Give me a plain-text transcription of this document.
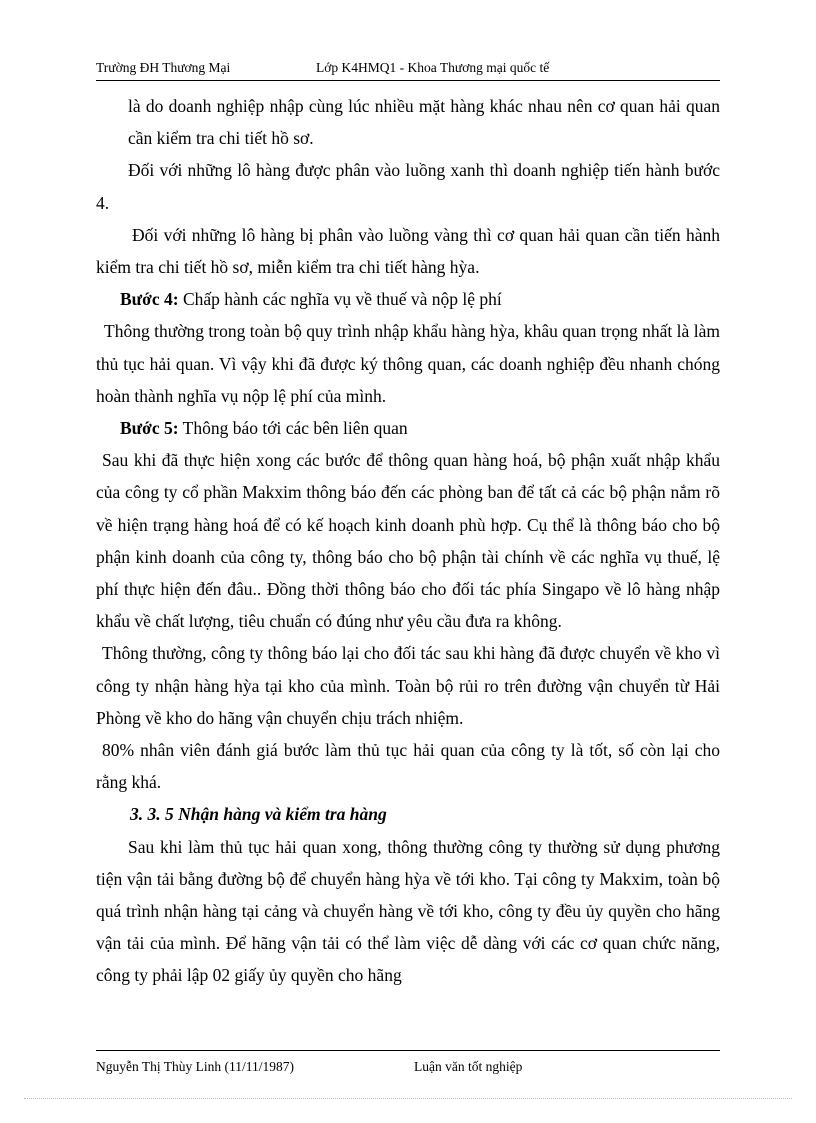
Trường ĐH Thương Mại	Lớp K4HMQ1 - Khoa Thương mại quốc tế

là do doanh nghiệp nhập cùng lúc nhiều mặt hàng khác nhau nên cơ quan hải quan cần kiểm tra chi tiết hồ sơ.

Đối với những lô hàng được phân vào luồng xanh thì doanh nghiệp tiến hành bước 4.

Đối với những lô hàng bị phân vào luồng vàng thì cơ quan hải quan cần tiến hành kiểm tra chi tiết hồ sơ, miễn kiểm tra chi tiết hàng hỳa.

Bước 4: Chấp hành các nghĩa vụ về thuế và nộp lệ phí

Thông thường trong toàn bộ quy trình nhập khẩu hàng hỳa, khâu quan trọng nhất là làm thủ tục hải quan. Vì vậy khi đã được ký thông quan, các doanh nghiệp đều nhanh chóng hoàn thành nghĩa vụ nộp lệ phí của mình.

Bước 5: Thông báo tới các bên liên quan

Sau khi đã thực hiện xong các bước để thông quan hàng hoá, bộ phận xuất nhập khẩu của công ty cổ phần Makxim thông báo đến các phòng ban để tất cả các bộ phận nắm rõ về hiện trạng hàng hoá để có kế hoạch kinh doanh phù hợp. Cụ thể là thông báo cho bộ phận kinh doanh của công ty, thông báo cho bộ phận tài chính về các nghĩa vụ thuế, lệ phí thực hiện đến đâu.. Đồng thời thông báo cho đối tác phía Singapo về lô hàng nhập khẩu về chất lượng, tiêu chuẩn có đúng như yêu cầu đưa ra không.

Thông thường, công ty thông báo lại cho đối tác sau khi hàng đã được chuyển về kho vì công ty nhận hàng hỳa tại kho của mình. Toàn bộ rủi ro trên đường vận chuyển từ Hải Phòng về kho do hãng vận chuyển chịu trách nhiệm.

80% nhân viên đánh giá bước làm thủ tục hải quan của công ty là tốt, số còn lại cho rằng khá.

3. 3. 5 Nhận hàng và kiểm tra hàng

Sau khi làm thủ tục hải quan xong, thông thường công ty thường sử dụng phương tiện vận tải bằng đường bộ để chuyển hàng hỳa về tới kho. Tại công ty Makxim, toàn bộ quá trình nhận hàng tại cảng và chuyển hàng về tới kho, công ty đều ủy quyền cho hãng vận tải của mình. Để hãng vận tải có thể làm việc dễ dàng với các cơ quan chức năng, công ty phải lập 02 giấy ủy quyền cho hãng

Nguyễn Thị Thùy Linh (11/11/1987)	Luận văn tốt nghiệp
